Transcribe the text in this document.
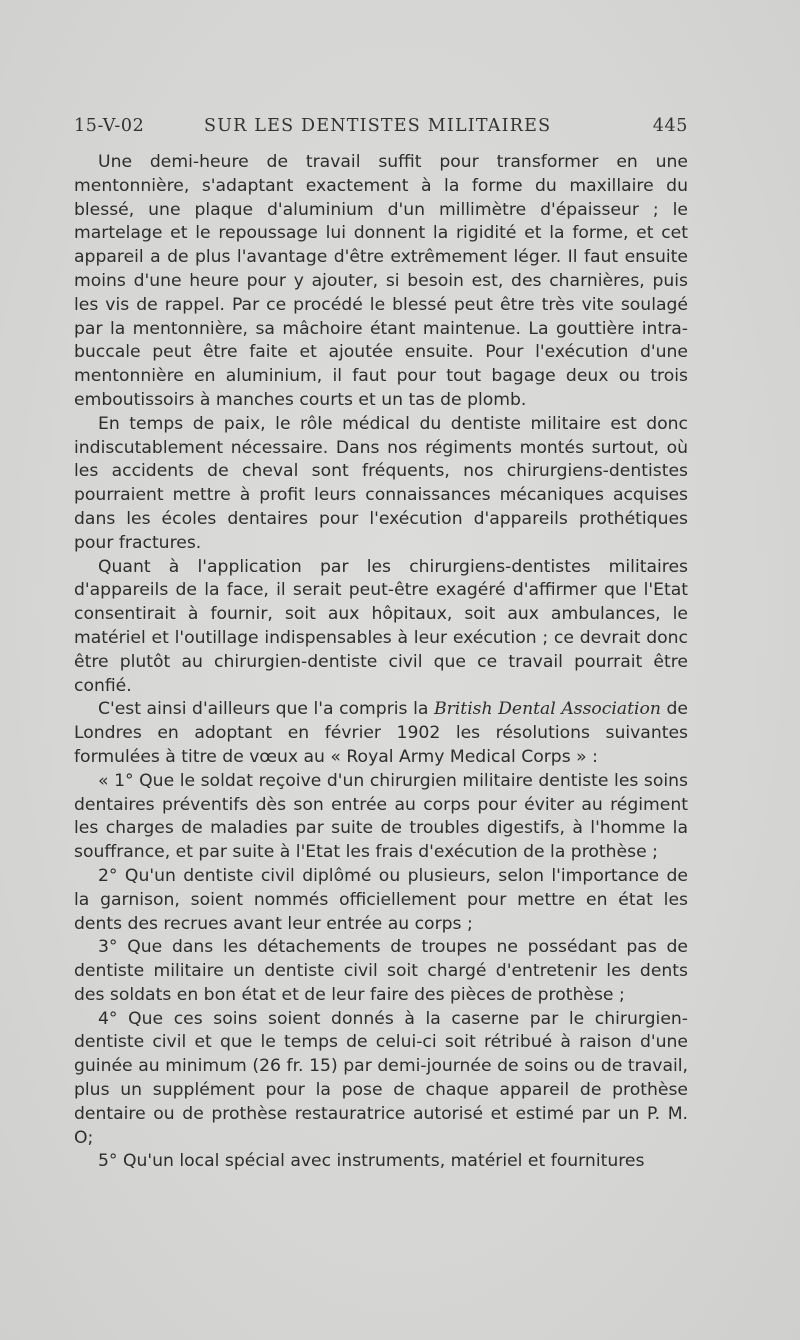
15-V-02	SUR LES DENTISTES MILITAIRES	445

Une demi-heure de travail suffit pour transformer en une mentonnière, s'adaptant exactement à la forme du maxillaire du blessé, une plaque d'aluminium d'un millimètre d'épaisseur ; le martelage et le repoussage lui donnent la rigidité et la forme, et cet appareil a de plus l'avantage d'être extrêmement léger. Il faut ensuite moins d'une heure pour y ajouter, si besoin est, des charnières, puis les vis de rappel. Par ce procédé le blessé peut être très vite soulagé par la mentonnière, sa mâchoire étant maintenue. La gouttière intra-buccale peut être faite et ajoutée ensuite. Pour l'exécution d'une mentonnière en aluminium, il faut pour tout bagage deux ou trois emboutissoirs à manches courts et un tas de plomb.

En temps de paix, le rôle médical du dentiste militaire est donc indiscutablement nécessaire. Dans nos régiments montés surtout, où les accidents de cheval sont fréquents, nos chirurgiens-dentistes pourraient mettre à profit leurs connaissances mécaniques acquises dans les écoles dentaires pour l'exécution d'appareils prothétiques pour fractures.

Quant à l'application par les chirurgiens-dentistes militaires d'appareils de la face, il serait peut-être exagéré d'affirmer que l'Etat consentirait à fournir, soit aux hôpitaux, soit aux ambulances, le matériel et l'outillage indispensables à leur exécution ; ce devrait donc être plutôt au chirurgien-dentiste civil que ce travail pourrait être confié.

C'est ainsi d'ailleurs que l'a compris la British Dental Association de Londres en adoptant en février 1902 les résolutions suivantes formulées à titre de vœux au « Royal Army Medical Corps » :

« 1° Que le soldat reçoive d'un chirurgien militaire dentiste les soins dentaires préventifs dès son entrée au corps pour éviter au régiment les charges de maladies par suite de troubles digestifs, à l'homme la souffrance, et par suite à l'Etat les frais d'exécution de la prothèse ;

2° Qu'un dentiste civil diplômé ou plusieurs, selon l'importance de la garnison, soient nommés officiellement pour mettre en état les dents des recrues avant leur entrée au corps ;

3° Que dans les détachements de troupes ne possédant pas de dentiste militaire un dentiste civil soit chargé d'entretenir les dents des soldats en bon état et de leur faire des pièces de prothèse ;

4° Que ces soins soient donnés à la caserne par le chirurgien-dentiste civil et que le temps de celui-ci soit rétribué à raison d'une guinée au minimum (26 fr. 15) par demi-journée de soins ou de travail, plus un supplément pour la pose de chaque appareil de prothèse dentaire ou de prothèse restauratrice autorisé et estimé par un P. M. O;

5° Qu'un local spécial avec instruments, matériel et fournitures
